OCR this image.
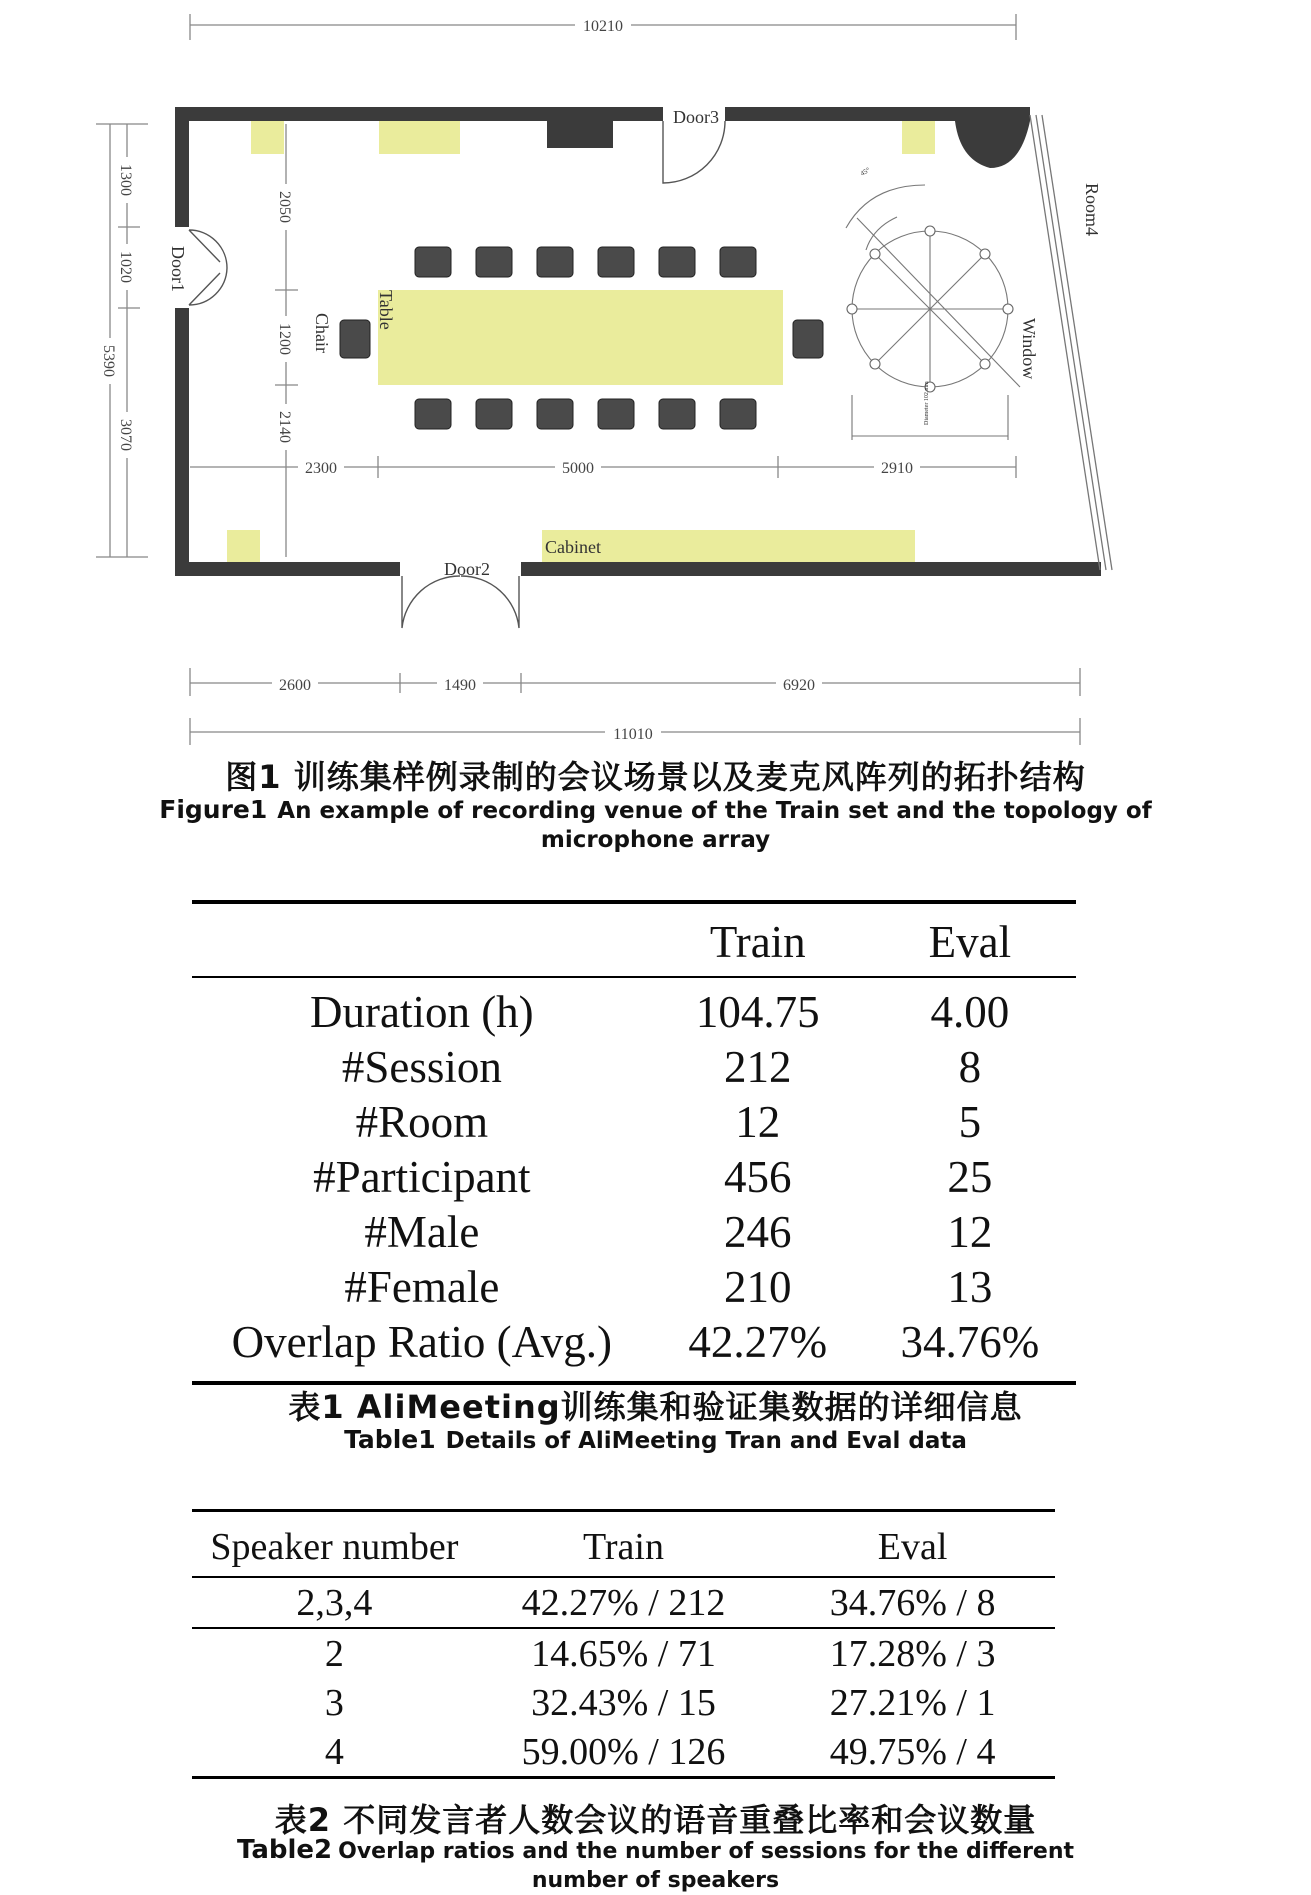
10210
11010
2600	1490	6920
2300	5000	2910
5390
1300
1020
3070
2050
1200
2140
Door3
Door2
Cabinet
Door1
Table
Chair	Window
Room4
Diameter 102 mm
45°
图1 训练集样例录制的会议场景以及麦克风阵列的拓扑结构
Figure1 An example of recording venue of the Train set and the topology of
microphone array
	Train	Eval
Duration (h)	104.75	4.00
#Session	212	8
#Room	12	5
#Participant	456	25
#Male	246	12
#Female	210	13
Overlap Ratio (Avg.)	42.27%	34.76%
表1 AliMeeting训练集和验证集数据的详细信息
Table1 Details of AliMeeting Tran and Eval data
Speaker number	Train	Eval
2,3,4	42.27% / 212	34.76% / 8
2	14.65% / 71	17.28% / 3
3	32.43% / 15	27.21% / 1
4	59.00% / 126	49.75% / 4
表2 不同发言者人数会议的语音重叠比率和会议数量
Table2 Overlap ratios and the number of sessions for the different
number of speakers
